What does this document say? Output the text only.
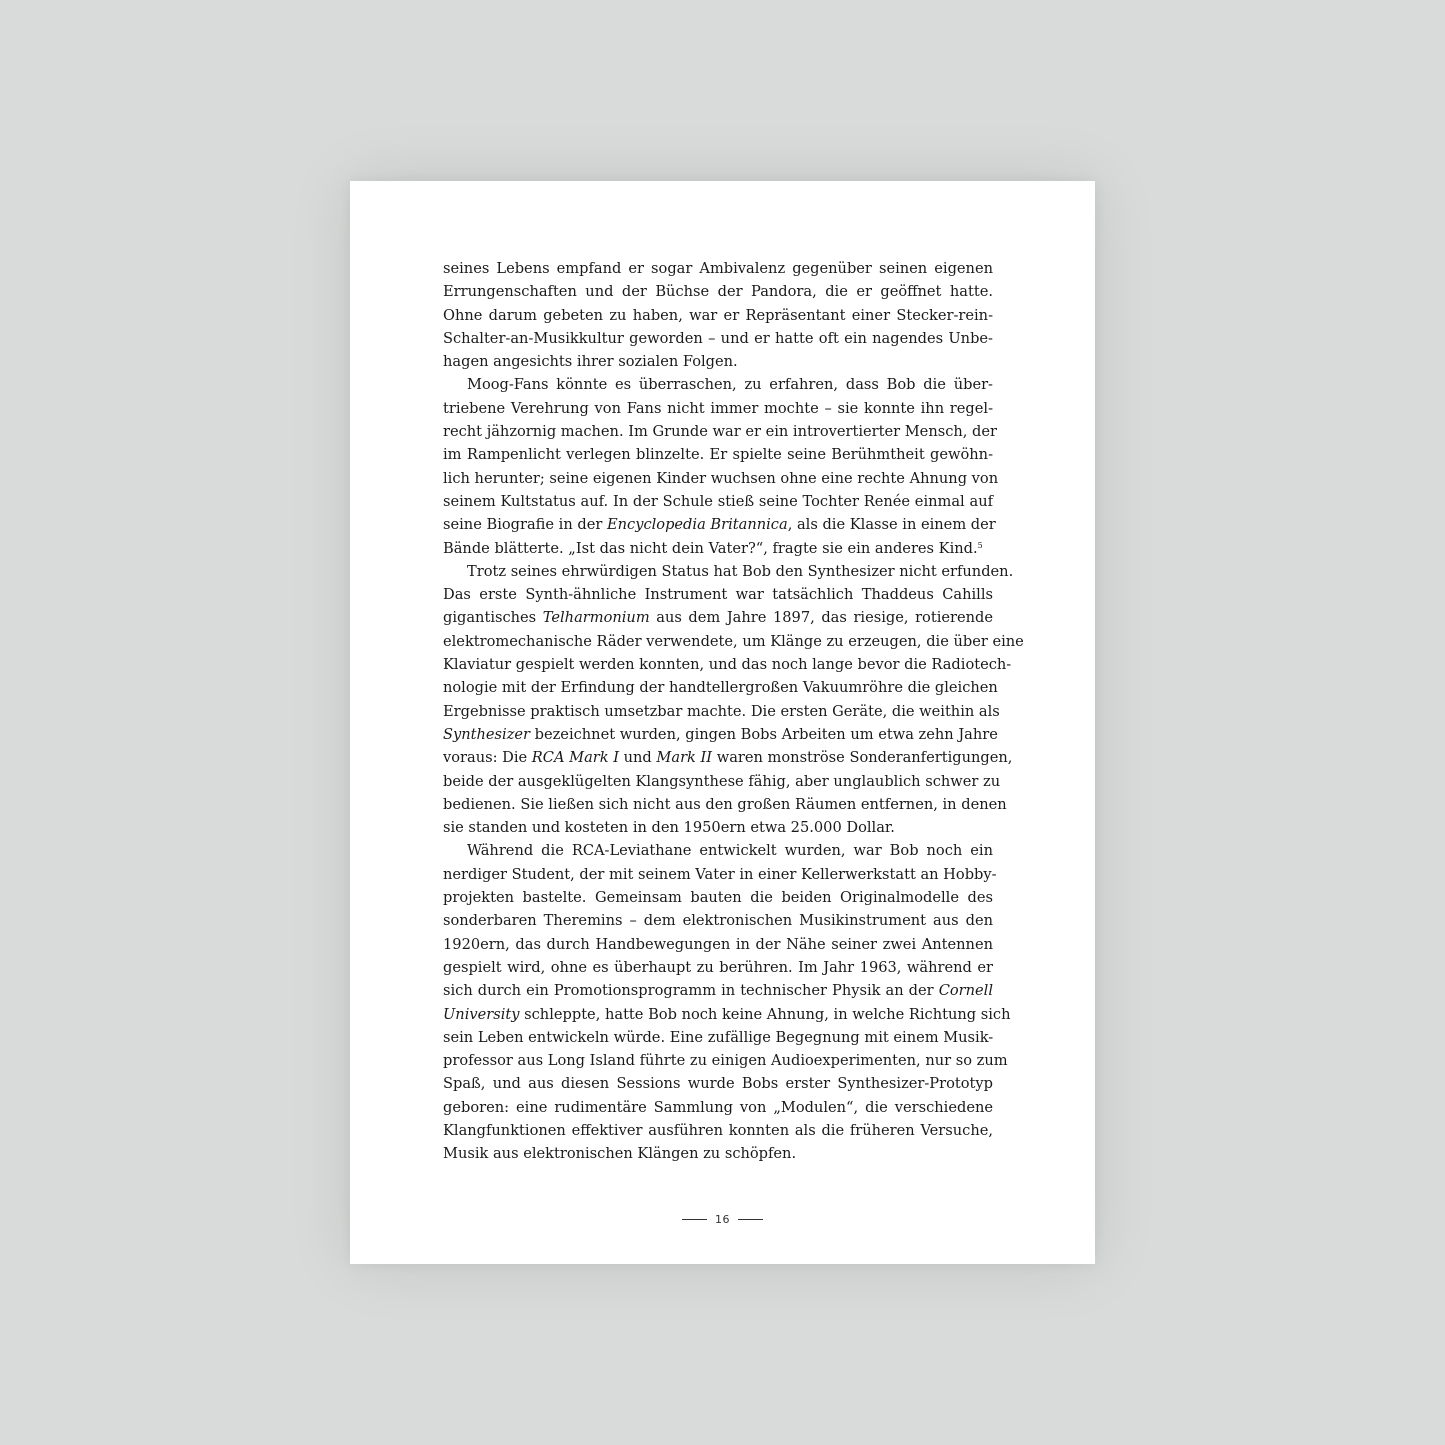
seines Lebens empfand er sogar Ambivalenz gegenüber seinen eigenen
Errungenschaften und der Büchse der Pandora, die er geöffnet hatte.
Ohne darum gebeten zu haben, war er Repräsentant einer Stecker-rein-
Schalter-an-Musikkultur geworden – und er hatte oft ein nagendes Unbe-
hagen angesichts ihrer sozialen Folgen.
Moog-Fans könnte es überraschen, zu erfahren, dass Bob die über-
triebene Verehrung von Fans nicht immer mochte – sie konnte ihn regel-
recht jähzornig machen. Im Grunde war er ein introvertierter Mensch, der
im Rampenlicht verlegen blinzelte. Er spielte seine Berühmtheit gewöhn-
lich herunter; seine eigenen Kinder wuchsen ohne eine rechte Ahnung von
seinem Kultstatus auf. In der Schule stieß seine Tochter Renée einmal auf
seine Biografie in der Encyclopedia Britannica, als die Klasse in einem der
Bände blätterte. „Ist das nicht dein Vater?“, fragte sie ein anderes Kind.$^5$
Trotz seines ehrwürdigen Status hat Bob den Synthesizer nicht erfunden.
Das erste Synth-ähnliche Instrument war tatsächlich Thaddeus Cahills
gigantisches Telharmonium aus dem Jahre 1897, das riesige, rotierende
elektromechanische Räder verwendete, um Klänge zu erzeugen, die über eine
Klaviatur gespielt werden konnten, und das noch lange bevor die Radiotech-
nologie mit der Erfindung der handtellergroßen Vakuumröhre die gleichen
Ergebnisse praktisch umsetzbar machte. Die ersten Geräte, die weithin als
Synthesizer bezeichnet wurden, gingen Bobs Arbeiten um etwa zehn Jahre
voraus: Die RCA Mark I und Mark II waren monströse Sonderanfertigungen,
beide der ausgeklügelten Klangsynthese fähig, aber unglaublich schwer zu
bedienen. Sie ließen sich nicht aus den großen Räumen entfernen, in denen
sie standen und kosteten in den 1950ern etwa 25.000 Dollar.
Während die RCA-Leviathane entwickelt wurden, war Bob noch ein
nerdiger Student, der mit seinem Vater in einer Kellerwerkstatt an Hobby-
projekten bastelte. Gemeinsam bauten die beiden Originalmodelle des
sonderbaren Theremins – dem elektronischen Musikinstrument aus den
1920ern, das durch Handbewegungen in der Nähe seiner zwei Antennen
gespielt wird, ohne es überhaupt zu berühren. Im Jahr 1963, während er
sich durch ein Promotionsprogramm in technischer Physik an der Cornell
University schleppte, hatte Bob noch keine Ahnung, in welche Richtung sich
sein Leben entwickeln würde. Eine zufällige Begegnung mit einem Musik-
professor aus Long Island führte zu einigen Audioexperimenten, nur so zum
Spaß, und aus diesen Sessions wurde Bobs erster Synthesizer-Prototyp
geboren: eine rudimentäre Sammlung von „Modulen“, die verschiedene
Klangfunktionen effektiver ausführen konnten als die früheren Versuche,
Musik aus elektronischen Klängen zu schöpfen.
16
